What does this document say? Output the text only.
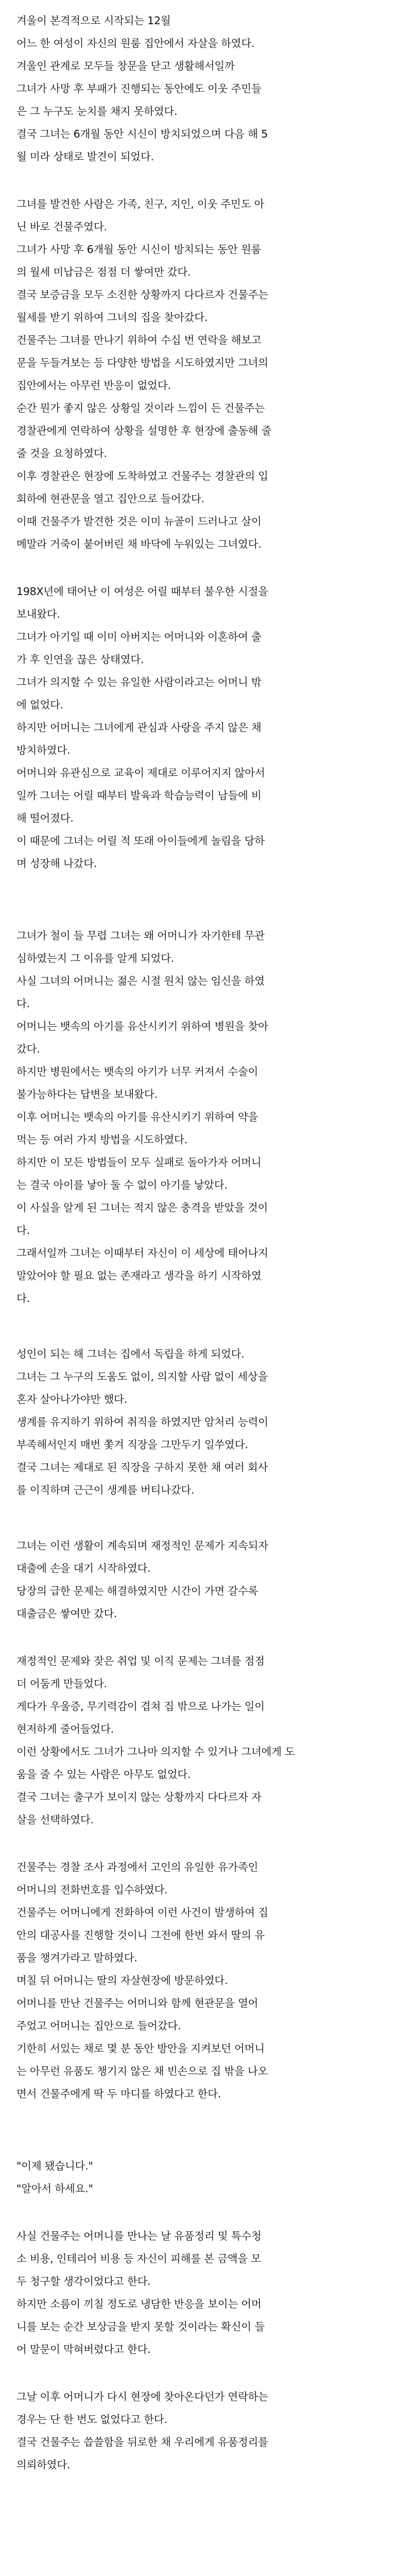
겨울이 본격적으로 시작되는 12월
어느 한 여성이 자신의 원룸 집안에서 자살을 하였다.
겨울인 관계로 모두들 창문을 닫고 생활해서일까
그녀가 사망 후 부패가 진행되는 동안에도 이웃 주민들
은 그 누구도 눈치를 채지 못하였다.
결국 그녀는 6개월 동안 시신이 방치되었으며 다음 해 5
월 미라 상태로 발견이 되었다.

그녀를 발견한 사람은 가족, 친구, 지인, 이웃 주민도 아
닌 바로 건물주였다.
그녀가 사망 후 6개월 동안 시신이 방치되는 동안 원룸
의 월세 미납금은 점점 더 쌓여만 갔다.
결국 보증금을 모두 소진한 상황까지 다다르자 건물주는
월세를 받기 위하여 그녀의 집을 찾아갔다.
건물주는 그녀를 만나기 위하여 수십 번 연락을 해보고
문을 두들겨보는 등 다양한 방법을 시도하였지만 그녀의
집안에서는 아무런 반응이 없었다.
순간 뭔가 좋지 않은 상황일 것이라 느낌이 든 건물주는
경찰관에게 연락하여 상황을 설명한 후 현장에 출동해 줄
줄 것을 요청하였다.
이후 경찰관은 현장에 도착하였고 건물주는 경찰관의 입
회하에 현관문을 열고 집안으로 들어갔다.
이때 건물주가 발견한 것은 이미 뉴골이 드러나고 살이
메말라 거죽이 붙어버린 채 바닥에 누워있는 그녀였다.

198X년에 태어난 이 여성은 어릴 때부터 불우한 시절을
보내왔다.
그녀가 아기일 때 이미 아버지는 어머니와 이혼하여 출
가 후 인연을 끊은 상태였다.
그녀가 의지할 수 있는 유일한 사람이라고는 어머니 밖
에 없었다.
하지만 어머니는 그녀에게 관심과 사랑을 주지 않은 채
방치하였다.
어머니와 유관심으로 교육이 제대로 이루어지지 않아서
일까 그녀는 어릴 때부터 발육과 학습능력이 남들에 비
해 떨어졌다.
이 때문에 그녀는 어릴 적 또래 아이들에게 놀림을 당하
며 성장해 나갔다.

그녀가 철이 들 무렵 그녀는 왜 어머니가 자기한테 무관
심하였는지 그 이유를 알게 되었다.
사실 그녀의 어머니는 젊은 시절 원치 않는 임신을 하였
다.
어머니는 뱃속의 아기를 유산시키기 위하여 병원을 찾아
갔다.
하지만 병원에서는 뱃속의 아기가 너무 커져서 수술이
불가능하다는 답변을 보내왔다.
이후 어머니는 뱃속의 아기를 유산시키기 위하여 약을
먹는 등 여러 가지 방법을 시도하였다.
하지만 이 모든 방법들이 모두 실패로 돌아가자 어머니
는 결국 아이를 낳아 둘 수 없이 아기를 낳았다.
이 사실을 알게 된 그녀는 적지 않은 충격을 받았을 것이
다.
그래서일까 그녀는 이때부터 자신이 이 세상에 태어나지
말았어야 할 필요 없는 존재라고 생각을 하기 시작하였
다.

성인이 되는 해 그녀는 집에서 독립을 하게 되었다.
그녀는 그 누구의 도움도 없이, 의지할 사람 없이 세상을
혼자 살아나가야만 했다.
생계를 유지하기 위하여 취직을 하였지만 암처리 능력이
부족해서인지 매번 쫓겨 직장을 그만두기 일쑤였다.
결국 그녀는 제대로 된 직장을 구하지 못한 채 여러 회사
를 이직하며 근근이 생계를 버티나갔다.

그녀는 이런 생활이 계속되며 재정적인 문제가 지속되자
대출에 손을 대기 시작하였다.
당장의 급한 문제는 해결하였지만 시간이 가면 갈수록
대출금은 쌓여만 갔다.

재정적인 문제와 잦은 취업 및 이직 문제는 그녀를 점점
더 어둠게 만들었다.
게다가 우울증, 무기력감이 겹쳐 집 밖으로 나가는 일이
현저하게 줄어들었다.
이런 상황에서도 그녀가 그나마 의지할 수 있거나 그녀에게 도
움을 줄 수 있는 사람은 아무도 없었다.
결국 그녀는 출구가 보이지 않는 상황까지 다다르자 자
살을 선택하였다.

건물주는 경찰 조사 과정에서 고인의 유일한 유가족인
어머니의 전화번호를 입수하였다.
건물주는 어머니에게 전화하여 이런 사건이 발생하여 집
안의 대공사를 진행할 것이니 그전에 한번 와서 딸의 유
품을 챙겨가라고 말하였다.
며칠 뒤 어머니는 딸의 자살현장에 방문하였다.
어머니를 만난 건물주는 어머니와 함께 현관문을 열어
주었고 어머니는 집안으로 들어갔다.
기한히 서있는 채로 몇 분 동안 방안을 지켜보던 어머니
는 아무런 유품도 챙기지 않은 채 빈손으로 집 밖을 나오
면서 건물주에게 딱 두 마디를 하였다고 한다.

"이제 됐습니다."
"알아서 하세요."

사실 건물주는 어머니를 만나는 날 유품정리 및 특수청
소 비용, 인테리어 비용 등 자신이 피해를 본 금액을 모
두 청구할 생각이었다고 한다.
하지만 소름이 끼칠 정도로 냉담한 반응을 보이는 어머
니를 보는 순간 보상금을 받지 못할 것이라는 확신이 들
어 말문이 막혀버렸다고 한다.

그날 이후 어머니가 다시 현장에 찾아온다던가 연락하는
경우는 단 한 번도 없었다고 한다.
결국 건물주는 씁쓸함을 뒤로한 채 우리에게 유품정리를
의뢰하였다.
